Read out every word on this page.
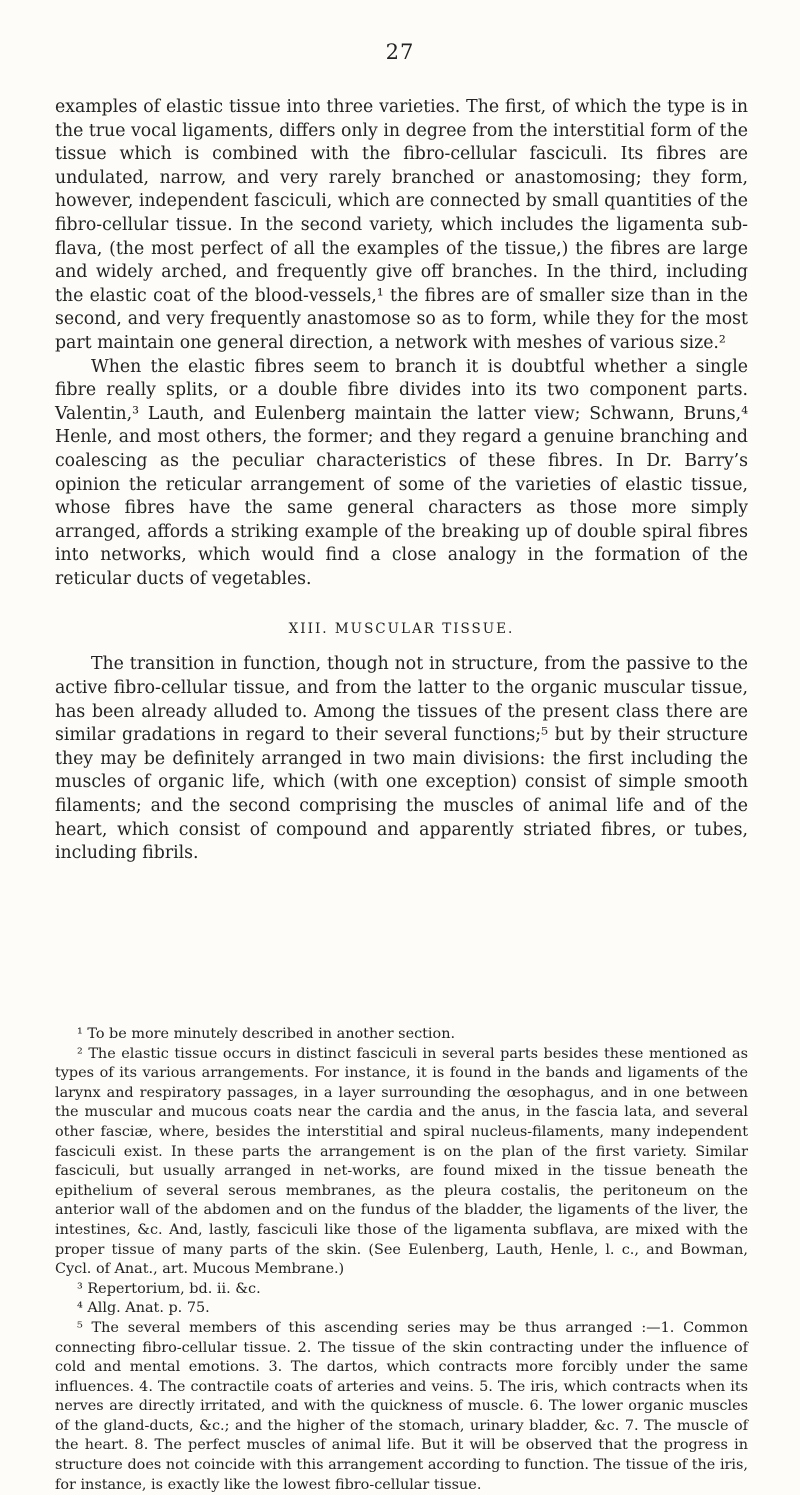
27

examples of elastic tissue into three varieties. The first, of which the type is in the true vocal ligaments, differs only in degree from the interstitial form of the tissue which is combined with the fibro-cellular fasciculi. Its fibres are undulated, narrow, and very rarely branched or anastomosing; they form, however, independent fasciculi, which are connected by small quantities of the fibro-cellular tissue. In the second variety, which includes the ligamenta sub-flava, (the most perfect of all the examples of the tissue,) the fibres are large and widely arched, and frequently give off branches. In the third, including the elastic coat of the blood-vessels,¹ the fibres are of smaller size than in the second, and very frequently anastomose so as to form, while they for the most part maintain one general direction, a network with meshes of various size.²

When the elastic fibres seem to branch it is doubtful whether a single fibre really splits, or a double fibre divides into its two component parts. Valentin,³ Lauth, and Eulenberg maintain the latter view; Schwann, Bruns,⁴ Henle, and most others, the former; and they regard a genuine branching and coalescing as the peculiar characteristics of these fibres. In Dr. Barry’s opinion the reticular arrangement of some of the varieties of elastic tissue, whose fibres have the same general characters as those more simply arranged, affords a striking example of the breaking up of double spiral fibres into networks, which would find a close analogy in the formation of the reticular ducts of vegetables.

XIII. MUSCULAR TISSUE.

The transition in function, though not in structure, from the passive to the active fibro-cellular tissue, and from the latter to the organic muscular tissue, has been already alluded to. Among the tissues of the present class there are similar gradations in regard to their several functions;⁵ but by their structure they may be definitely arranged in two main divisions: the first including the muscles of organic life, which (with one exception) consist of simple smooth filaments; and the second comprising the muscles of animal life and of the heart, which consist of compound and apparently striated fibres, or tubes, including fibrils.

¹ To be more minutely described in another section.

² The elastic tissue occurs in distinct fasciculi in several parts besides these mentioned as types of its various arrangements. For instance, it is found in the bands and ligaments of the larynx and respiratory passages, in a layer surrounding the œsophagus, and in one between the muscular and mucous coats near the cardia and the anus, in the fascia lata, and several other fasciæ, where, besides the interstitial and spiral nucleus-filaments, many independent fasciculi exist. In these parts the arrangement is on the plan of the first variety. Similar fasciculi, but usually arranged in net-works, are found mixed in the tissue beneath the epithelium of several serous membranes, as the pleura costalis, the peritoneum on the anterior wall of the abdomen and on the fundus of the bladder, the ligaments of the liver, the intestines, &c. And, lastly, fasciculi like those of the ligamenta subflava, are mixed with the proper tissue of many parts of the skin. (See Eulenberg, Lauth, Henle, l. c., and Bowman, Cycl. of Anat., art. Mucous Membrane.)

³ Repertorium, bd. ii. &c.

⁴ Allg. Anat. p. 75.

⁵ The several members of this ascending series may be thus arranged :—1. Common connecting fibro-cellular tissue. 2. The tissue of the skin contracting under the influence of cold and mental emotions. 3. The dartos, which contracts more forcibly under the same influences. 4. The contractile coats of arteries and veins. 5. The iris, which contracts when its nerves are directly irritated, and with the quickness of muscle. 6. The lower organic muscles of the gland-ducts, &c.; and the higher of the stomach, urinary bladder, &c. 7. The muscle of the heart. 8. The perfect muscles of animal life. But it will be observed that the progress in structure does not coincide with this arrangement according to function. The tissue of the iris, for instance, is exactly like the lowest fibro-cellular tissue.
